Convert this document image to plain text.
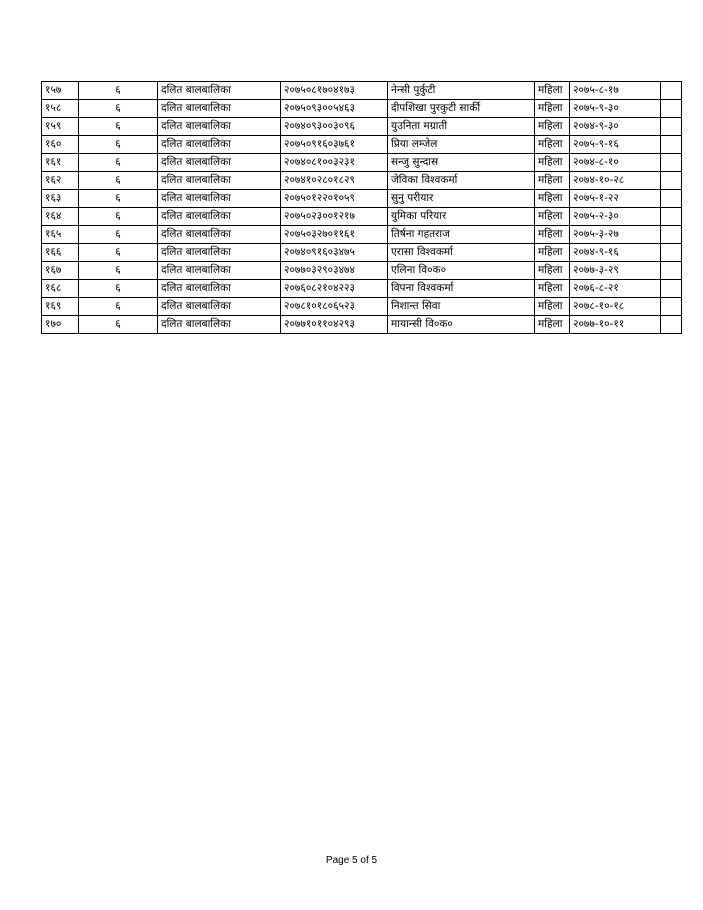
१५७	६	दलित बालबालिका	२०७५०८१७०४१७३	नेन्सी पुर्कुटी	महिला	२०७५-८-१७	
१५८	६	दलित बालबालिका	२०७५०९३००५४६३	दीपशिखा पुरकुटी सार्की	महिला	२०७५-९-३०	
१५९	६	दलित बालबालिका	२०७४०९३००३०९६	युउनिता मग्राती	महिला	२०७४-९-३०	
१६०	६	दलित बालबालिका	२०७५०९१६०३७६१	प्रिया लम्जेल	महिला	२०७५-९-१६	
१६१	६	दलित बालबालिका	२०७४०८१००३२३१	सन्जु सुन्दास	महिला	२०७४-८-१०	
१६२	६	दलित बालबालिका	२०७४१०२८०१८२९	जेविका विश्वकर्मा	महिला	२०७४-१०-२८	
१६३	६	दलित बालबालिका	२०७५०१२२०१०५९	सुनु परीयार	महिला	२०७५-१-२२	
१६४	६	दलित बालबालिका	२०७५०२३००१२१७	युमिका परियार	महिला	२०७५-२-३०	
१६५	६	दलित बालबालिका	२०७५०३२७०११६१	तिर्षना गहतराज	महिला	२०७५-३-२७	
१६६	६	दलित बालबालिका	२०७४०९१६०३४७५	एरासा विश्वकर्मा	महिला	२०७४-९-१६	
१६७	६	दलित बालबालिका	२०७७०३२९०३४७४	एलिना वि०क०	महिला	२०७७-३-२९	
१६८	६	दलित बालबालिका	२०७६०८२१०४२२३	विपना विश्वकर्मा	महिला	२०७६-८-२१	
१६९	६	दलित बालबालिका	२०७८१०१८०६५२३	निशान्त सिवा	महिला	२०७८-१०-१८	
१७०	६	दलित बालबालिका	२०७७१०११०४२९३	मायान्सी वि०क०	महिला	२०७७-१०-११	
Page 5 of 5
